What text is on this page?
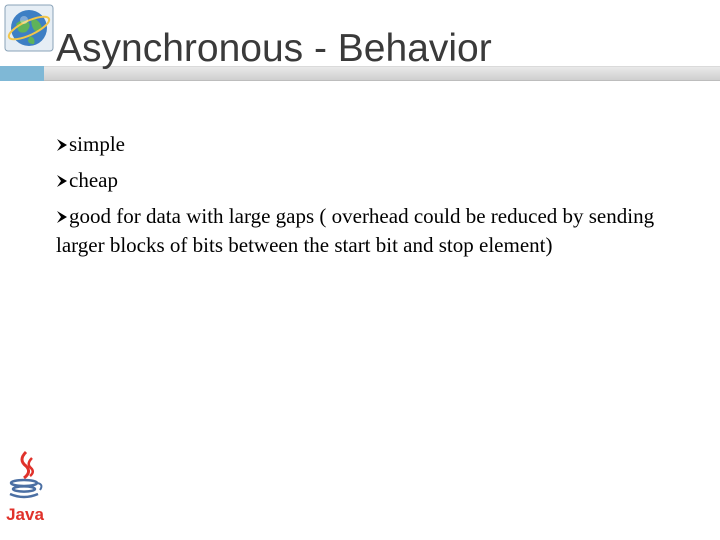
Asynchronous - Behavior
simple
cheap
good for data with large gaps ( overhead could be reduced by sending larger blocks of bits between the start bit and stop element)
Java
